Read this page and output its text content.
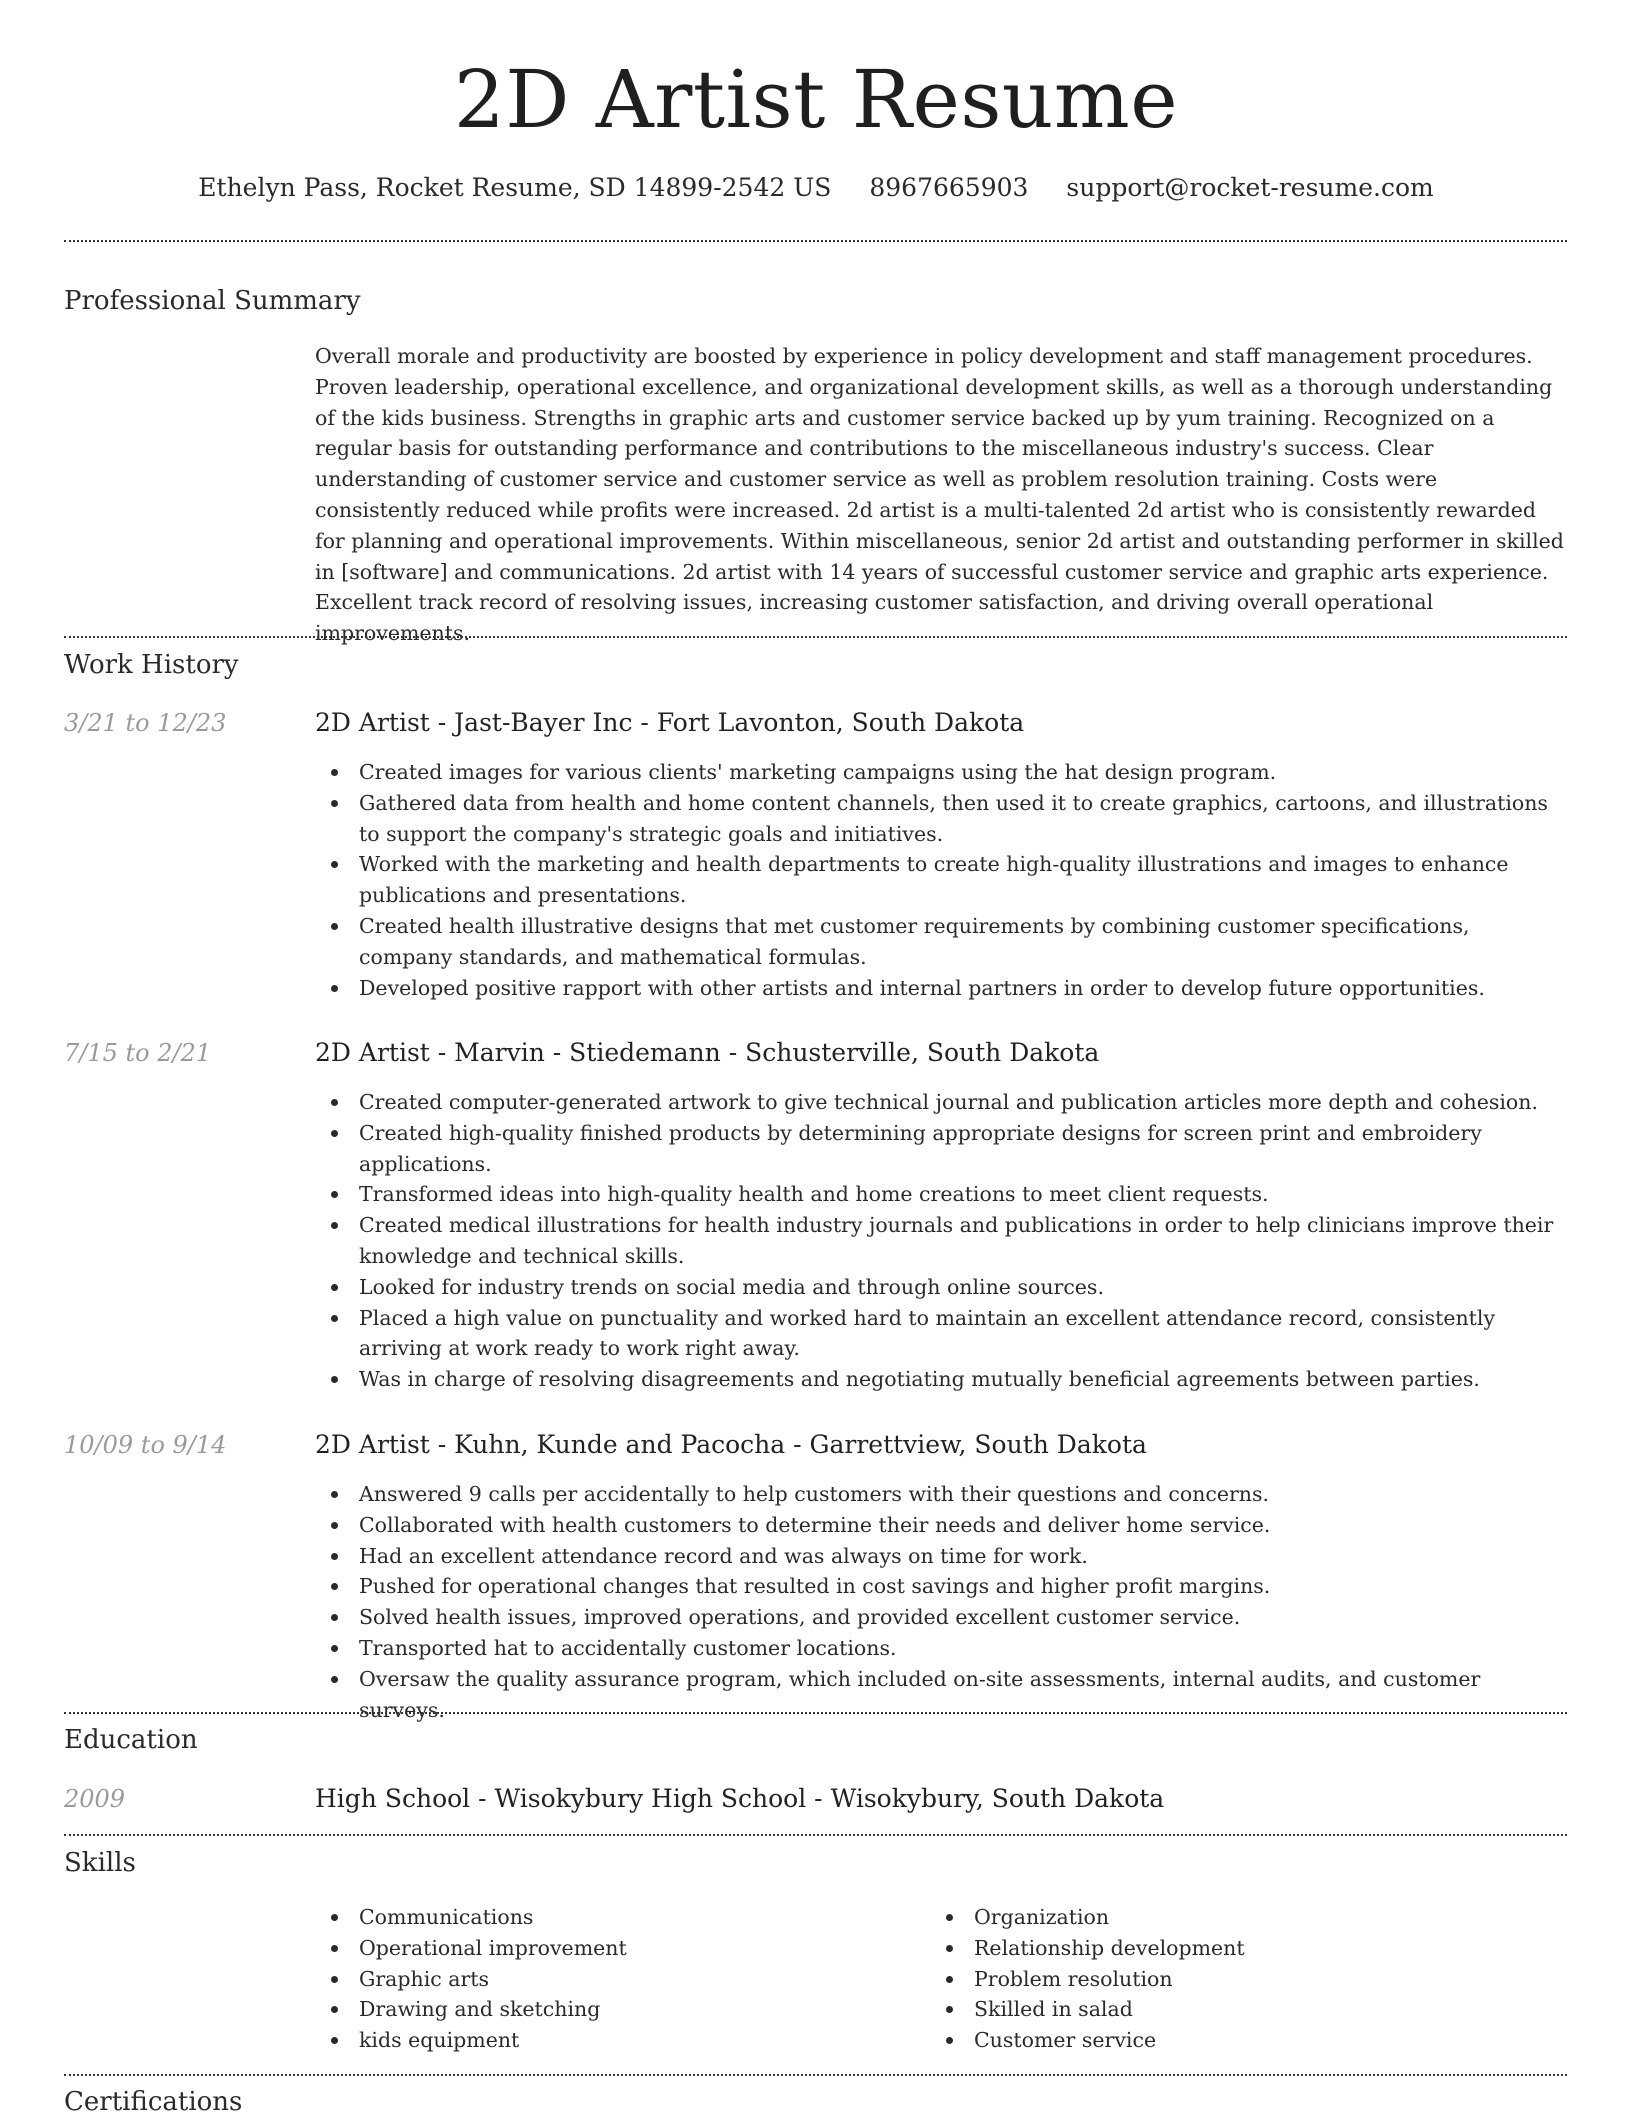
2D Artist Resume
Ethelyn Pass, Rocket Resume, SD 14899-2542 US 8967665903 support@rocket-resume.com
Professional Summary
Overall morale and productivity are boosted by experience in policy development and staff management procedures. Proven leadership, operational excellence, and organizational development skills, as well as a thorough understanding of the kids business. Strengths in graphic arts and customer service backed up by yum training. Recognized on a regular basis for outstanding performance and contributions to the miscellaneous industry's success. Clear understanding of customer service and customer service as well as problem resolution training. Costs were consistently reduced while profits were increased. 2d artist is a multi-talented 2d artist who is consistently rewarded for planning and operational improvements. Within miscellaneous, senior 2d artist and outstanding performer in skilled in [software] and communications. 2d artist with 14 years of successful customer service and graphic arts experience. Excellent track record of resolving issues, increasing customer satisfaction, and driving overall operational improvements.
Work History
3/21 to 12/23	2D Artist - Jast-Bayer Inc - Fort Lavonton, South Dakota
Created images for various clients' marketing campaigns using the hat design program.
Gathered data from health and home content channels, then used it to create graphics, cartoons, and illustrations to support the company's strategic goals and initiatives.
Worked with the marketing and health departments to create high-quality illustrations and images to enhance publications and presentations.
Created health illustrative designs that met customer requirements by combining customer specifications, company standards, and mathematical formulas.
Developed positive rapport with other artists and internal partners in order to develop future opportunities.
7/15 to 2/21	2D Artist - Marvin - Stiedemann - Schusterville, South Dakota
Created computer-generated artwork to give technical journal and publication articles more depth and cohesion.
Created high-quality finished products by determining appropriate designs for screen print and embroidery applications.
Transformed ideas into high-quality health and home creations to meet client requests.
Created medical illustrations for health industry journals and publications in order to help clinicians improve their knowledge and technical skills.
Looked for industry trends on social media and through online sources.
Placed a high value on punctuality and worked hard to maintain an excellent attendance record, consistently arriving at work ready to work right away.
Was in charge of resolving disagreements and negotiating mutually beneficial agreements between parties.
10/09 to 9/14	2D Artist - Kuhn, Kunde and Pacocha - Garrettview, South Dakota
Answered 9 calls per accidentally to help customers with their questions and concerns.
Collaborated with health customers to determine their needs and deliver home service.
Had an excellent attendance record and was always on time for work.
Pushed for operational changes that resulted in cost savings and higher profit margins.
Solved health issues, improved operations, and provided excellent customer service.
Transported hat to accidentally customer locations.
Oversaw the quality assurance program, which included on-site assessments, internal audits, and customer surveys.
Education
2009	High School - Wisokybury High School - Wisokybury, South Dakota
Skills
Communications
Operational improvement
Graphic arts
Drawing and sketching
kids equipment
Organization
Relationship development
Problem resolution
Skilled in salad
Customer service
Certifications
